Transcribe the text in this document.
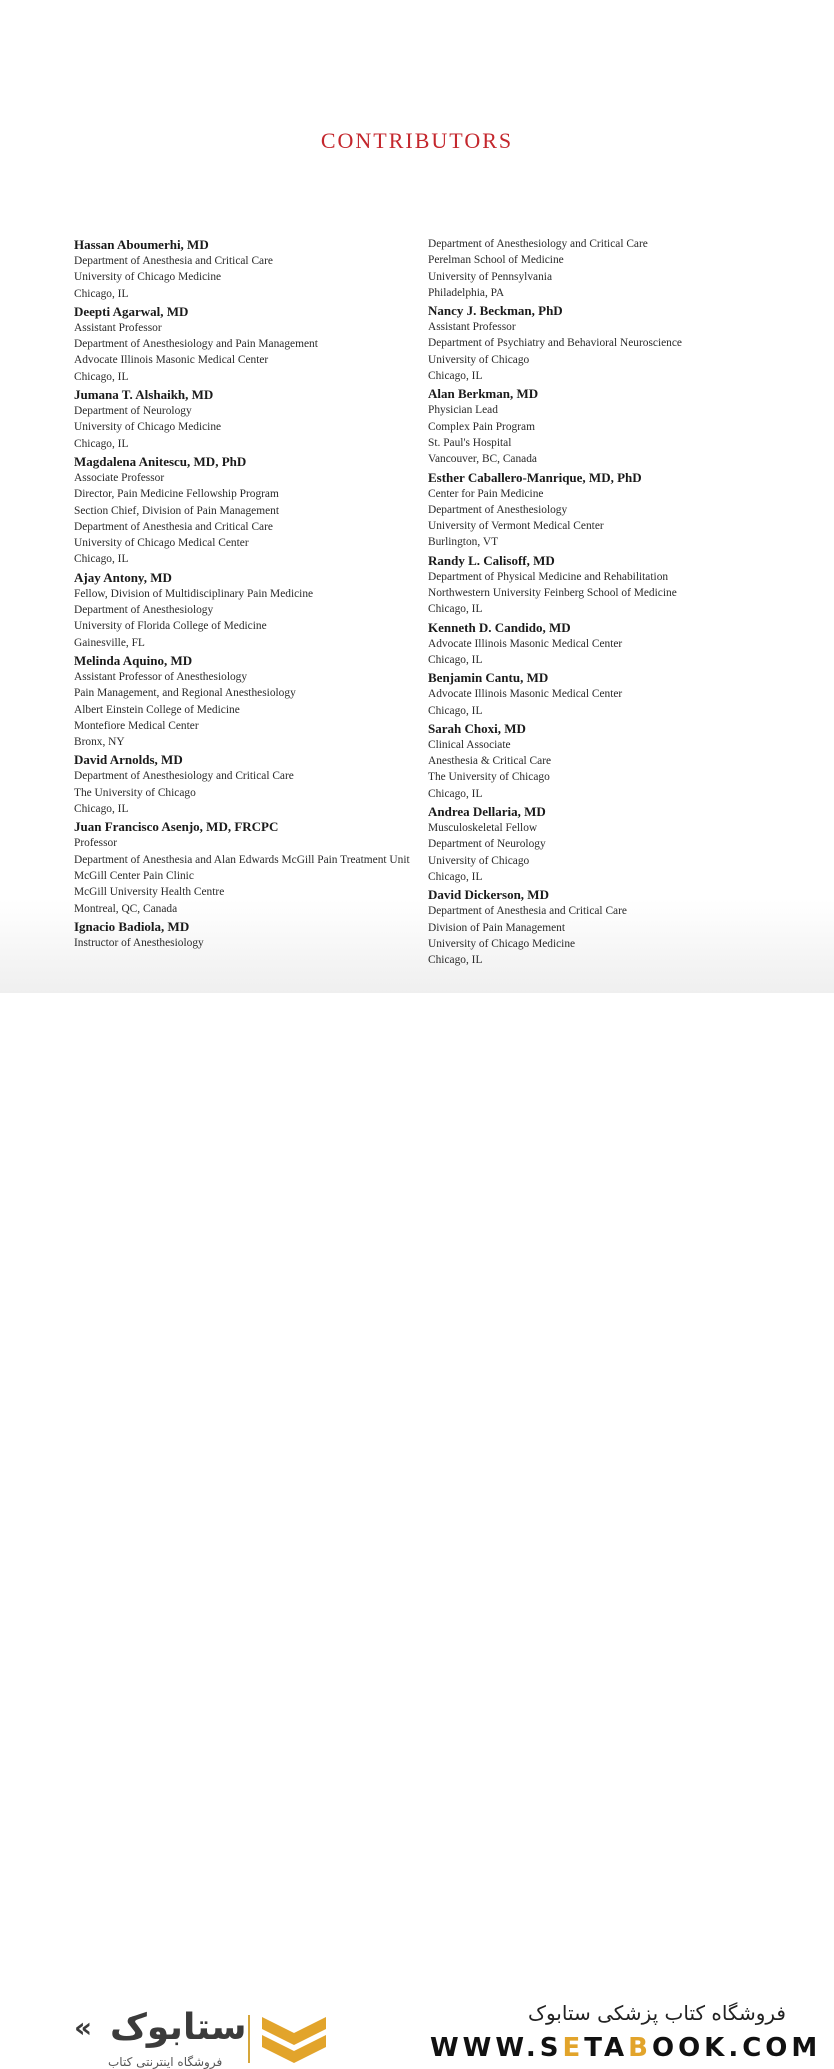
CONTRIBUTORS
Hassan Aboumerhi, MD
Department of Anesthesia and Critical Care
University of Chicago Medicine
Chicago, IL
Deepti Agarwal, MD
Assistant Professor
Department of Anesthesiology and Pain Management
Advocate Illinois Masonic Medical Center
Chicago, IL
Jumana T. Alshaikh, MD
Department of Neurology
University of Chicago Medicine
Chicago, IL
Magdalena Anitescu, MD, PhD
Associate Professor
Director, Pain Medicine Fellowship Program
Section Chief, Division of Pain Management
Department of Anesthesia and Critical Care
University of Chicago Medical Center
Chicago, IL
Ajay Antony, MD
Fellow, Division of Multidisciplinary Pain Medicine
Department of Anesthesiology
University of Florida College of Medicine
Gainesville, FL
Melinda Aquino, MD
Assistant Professor of Anesthesiology
Pain Management, and Regional Anesthesiology
Albert Einstein College of Medicine
Montefiore Medical Center
Bronx, NY
David Arnolds, MD
Department of Anesthesiology and Critical Care
The University of Chicago
Chicago, IL
Juan Francisco Asenjo, MD, FRCPC
Professor
Department of Anesthesia and Alan Edwards McGill Pain Treatment Unit
McGill Center Pain Clinic
McGill University Health Centre
Montreal, QC, Canada
Ignacio Badiola, MD
Instructor of Anesthesiology
Department of Anesthesiology and Critical Care
Perelman School of Medicine
University of Pennsylvania
Philadelphia, PA
Nancy J. Beckman, PhD
Assistant Professor
Department of Psychiatry and Behavioral Neuroscience
University of Chicago
Chicago, IL
Alan Berkman, MD
Physician Lead
Complex Pain Program
St. Paul's Hospital
Vancouver, BC, Canada
Esther Caballero-Manrique, MD, PhD
Center for Pain Medicine
Department of Anesthesiology
University of Vermont Medical Center
Burlington, VT
Randy L. Calisoff, MD
Department of Physical Medicine and Rehabilitation
Northwestern University Feinberg School of Medicine
Chicago, IL
Kenneth D. Candido, MD
Advocate Illinois Masonic Medical Center
Chicago, IL
Benjamin Cantu, MD
Advocate Illinois Masonic Medical Center
Chicago, IL
Sarah Choxi, MD
Clinical Associate
Anesthesia & Critical Care
The University of Chicago
Chicago, IL
Andrea Dellaria, MD
Musculoskeletal Fellow
Department of Neurology
University of Chicago
Chicago, IL
David Dickerson, MD
Department of Anesthesia and Critical Care
Division of Pain Management
University of Chicago Medicine
Chicago, IL
« ستابوک
فروشگاه اینترنتی کتاب
فروشگاه کتاب پزشکی ستابوک
WWW.SETABOOK.COM
